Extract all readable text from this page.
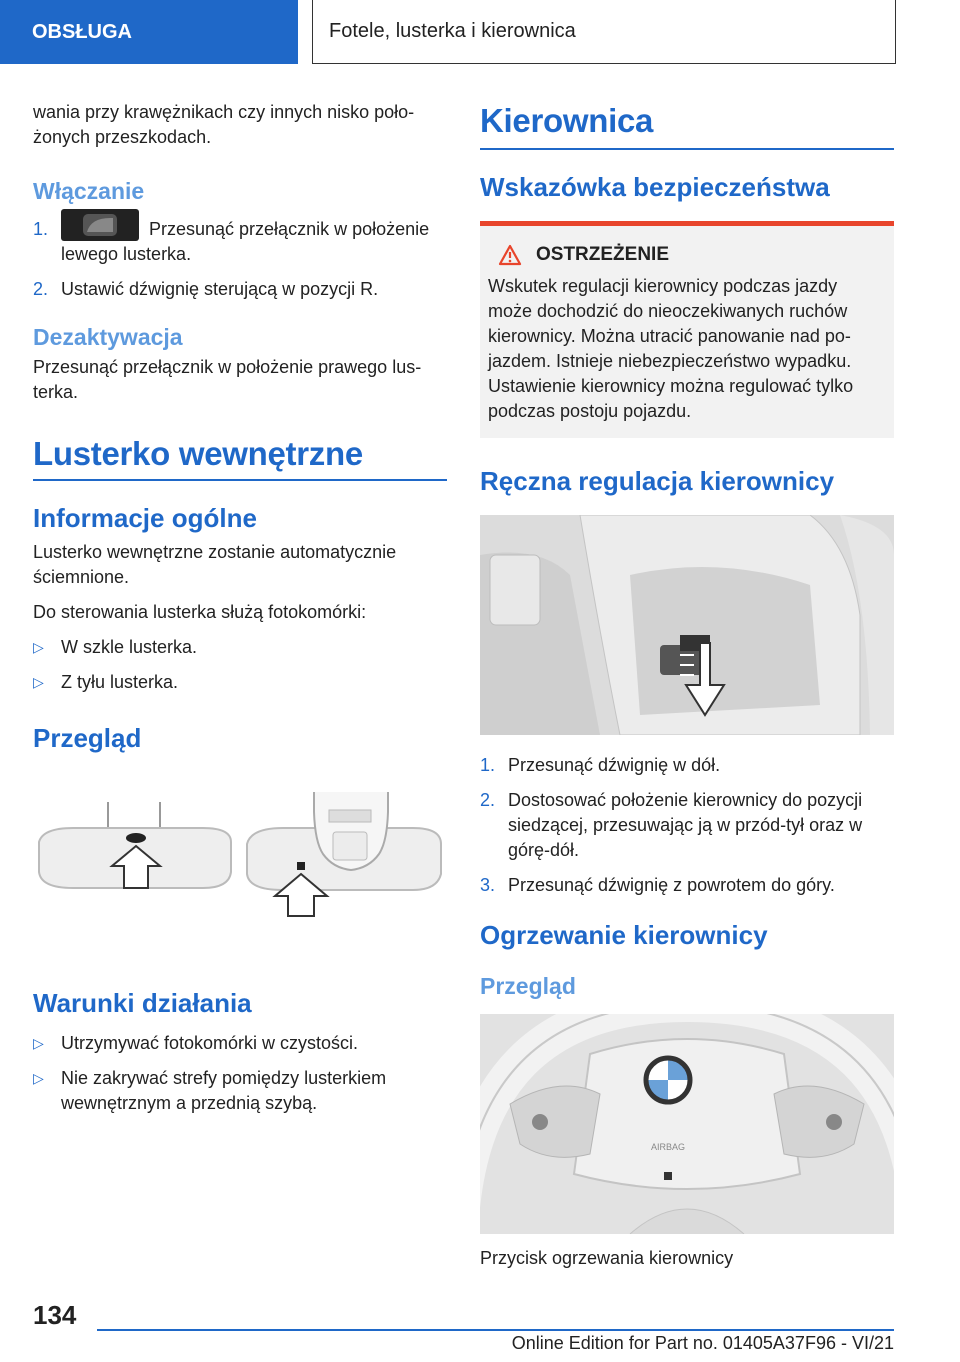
OBSŁUGA	Fotele, lusterka i kierownica

wania przy krawężnikach czy innych nisko poło-żonych przeszkodach.

Włączanie
1.	Przesunąć przełącznik w położenie lewego lusterka.
2. Ustawić dźwignię sterującą w pozycji R.
Dezaktywacja

Przesunąć przełącznik w położenie prawego lus-terka.

Lusterko wewnętrzne
Informacje ogólne

Lusterko wewnętrzne zostanie automatycznie ściemnione.

Do sterowania lusterka służą fotokomórki:

▷ W szkle lusterka.
▷ Z tyłu lusterka.
Przegląd
Warunki działania
▷ Utrzymywać fotokomórki w czystości.
▷ Nie zakrywać strefy pomiędzy lusterkiem wewnętrznym a przednią szybą.
Kierownica
Wskazówka bezpieczeństwa
OSTRZEŻENIE

Wskutek regulacji kierownicy podczas jazdy może dochodzić do nieoczekiwanych ruchów kierownicy. Można utracić panowanie nad po-jazdem. Istnieje niebezpieczeństwo wypadku. Ustawienie kierownicy można regulować tylko podczas postoju pojazdu.

Ręczna regulacja kierownicy
1. Przesunąć dźwignię w dół.
2. Dostosować położenie kierownicy do pozycji siedzącej, przesuwając ją w przód-tył oraz w górę-dół.
3. Przesunąć dźwignię z powrotem do góry.
Ogrzewanie kierownicy
Przegląd
AIRBAG

Przycisk ogrzewania kierownicy

134
Online Edition for Part no. 01405A37F96 - VI/21
